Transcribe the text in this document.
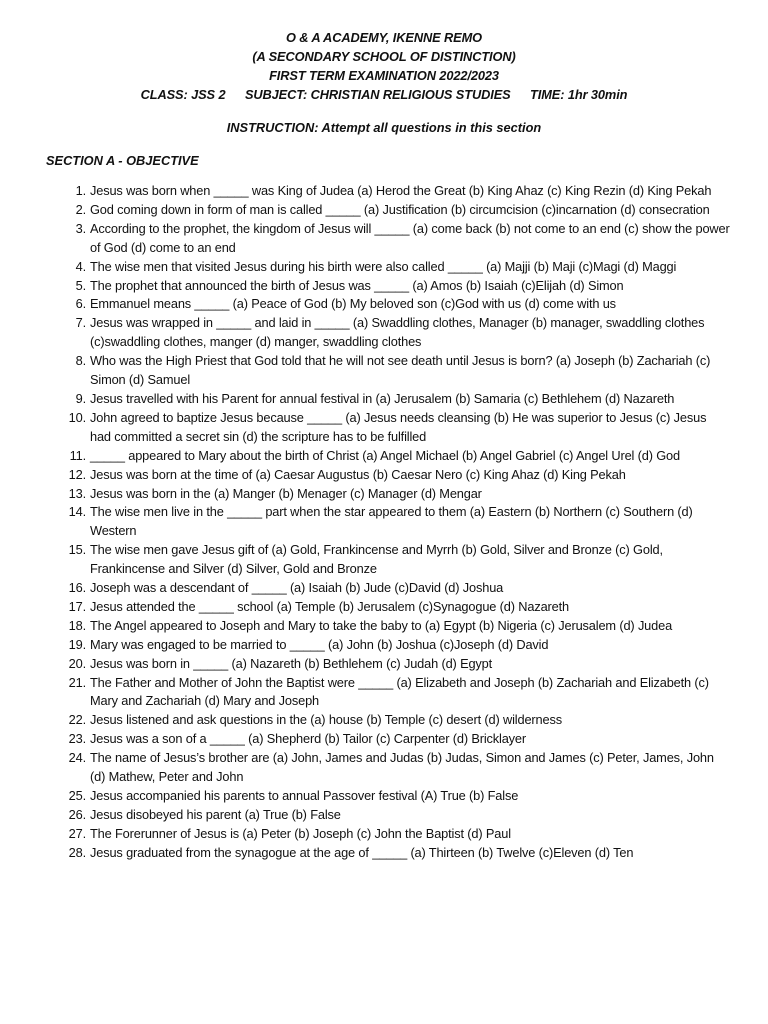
O & A ACADEMY, IKENNE REMO
(A SECONDARY SCHOOL OF DISTINCTION)
FIRST TERM EXAMINATION 2022/2023
CLASS: JSS 2 SUBJECT: CHRISTIAN RELIGIOUS STUDIES TIME: 1hr 30min
INSTRUCTION: Attempt all questions in this section
SECTION A - OBJECTIVE
1. Jesus was born when _____ was King of Judea (a) Herod the Great (b) King Ahaz (c) King Rezin (d) King Pekah
2. God coming down in form of man is called _____ (a) Justification (b) circumcision (c)incarnation (d) consecration
3. According to the prophet, the kingdom of Jesus will _____ (a) come back (b) not come to an end (c) show the power of God (d) come to an end
4. The wise men that visited Jesus during his birth were also called _____ (a) Majji (b) Maji (c)Magi (d) Maggi
5. The prophet that announced the birth of Jesus was _____ (a) Amos (b) Isaiah (c)Elijah (d) Simon
6. Emmanuel means _____ (a) Peace of God (b) My beloved son (c)God with us (d) come with us
7. Jesus was wrapped in _____ and laid in _____ (a) Swaddling clothes, Manager (b) manager, swaddling clothes (c)swaddling clothes, manger (d) manger, swaddling clothes
8. Who was the High Priest that God told that he will not see death until Jesus is born? (a) Joseph (b) Zachariah (c) Simon (d) Samuel
9. Jesus travelled with his Parent for annual festival in (a) Jerusalem (b) Samaria (c) Bethlehem (d) Nazareth
10. John agreed to baptize Jesus because _____ (a) Jesus needs cleansing (b) He was superior to Jesus (c) Jesus had committed a secret sin (d) the scripture has to be fulfilled
11. _____ appeared to Mary about the birth of Christ (a) Angel Michael (b) Angel Gabriel (c) Angel Urel (d) God
12. Jesus was born at the time of (a) Caesar Augustus (b) Caesar Nero (c) King Ahaz (d) King Pekah
13. Jesus was born in the (a) Manger (b) Menager (c) Manager (d) Mengar
14. The wise men live in the _____ part when the star appeared to them (a) Eastern (b) Northern (c) Southern (d) Western
15. The wise men gave Jesus gift of (a) Gold, Frankincense and Myrrh (b) Gold, Silver and Bronze (c) Gold, Frankincense and Silver (d) Silver, Gold and Bronze
16. Joseph was a descendant of _____ (a) Isaiah (b) Jude (c)David (d) Joshua
17. Jesus attended the _____ school (a) Temple (b) Jerusalem (c)Synagogue (d) Nazareth
18. The Angel appeared to Joseph and Mary to take the baby to (a) Egypt (b) Nigeria (c) Jerusalem (d) Judea
19. Mary was engaged to be married to _____ (a) John (b) Joshua (c)Joseph (d) David
20. Jesus was born in _____ (a) Nazareth (b) Bethlehem (c) Judah (d) Egypt
21. The Father and Mother of John the Baptist were _____ (a) Elizabeth and Joseph (b) Zachariah and Elizabeth (c) Mary and Zachariah (d) Mary and Joseph
22. Jesus listened and ask questions in the (a) house (b) Temple (c) desert (d) wilderness
23. Jesus was a son of a _____ (a) Shepherd (b) Tailor (c) Carpenter (d) Bricklayer
24. The name of Jesus’s brother are (a) John, James and Judas (b) Judas, Simon and James (c) Peter, James, John (d) Mathew, Peter and John
25. Jesus accompanied his parents to annual Passover festival (A) True (b) False
26. Jesus disobeyed his parent (a) True (b) False
27. The Forerunner of Jesus is (a) Peter (b) Joseph (c) John the Baptist (d) Paul
28. Jesus graduated from the synagogue at the age of _____ (a) Thirteen (b) Twelve (c)Eleven (d) Ten
